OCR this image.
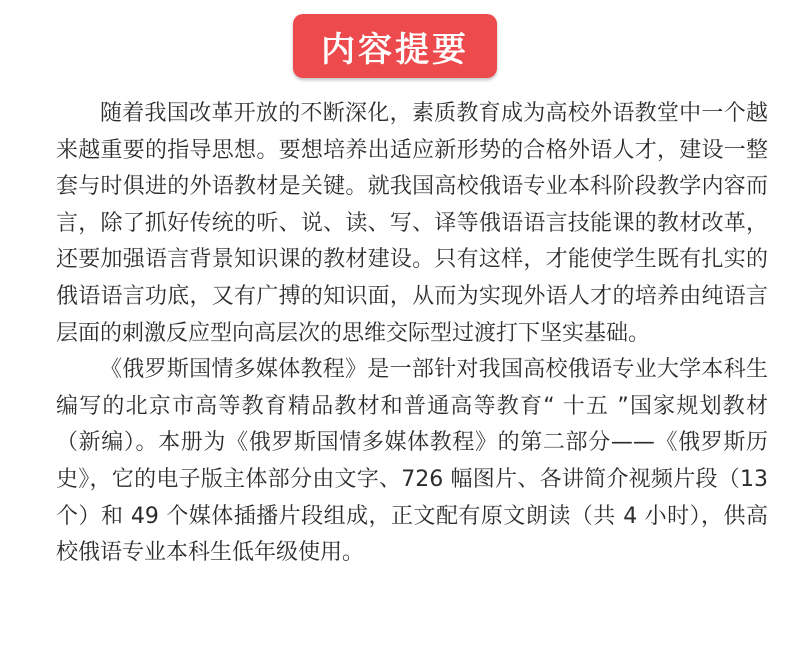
内容提要

随着我国改革开放的不断深化，素质教育成为高校外语教堂中一个越来越重要的指导思想。要想培养出适应新形势的合格外语人才，建设一整套与时俱进的外语教材是关键。就我国高校俄语专业本科阶段教学内容而言，除了抓好传统的听、说、读、写、译等俄语语言技能课的教材改革，还要加强语言背景知识课的教材建设。只有这样，才能使学生既有扎实的俄语语言功底，又有广搏的知识面，从而为实现外语人才的培养由纯语言层面的刺激反应型向高层次的思维交际型过渡打下坚实基础。

《俄罗斯国情多媒体教程》是一部针对我国高校俄语专业大学本科生编写的北京市高等教育精品教材和普通高等教育“ 十五 ”国家规划教材（新编）。本册为《俄罗斯国情多媒体教程》的第二部分——《俄罗斯历史》，它的电子版主体部分由文字、726 幅图片、各讲简介视频片段（13个）和 49 个媒体插播片段组成，正文配有原文朗读（共 4 小时），供高校俄语专业本科生低年级使用。
